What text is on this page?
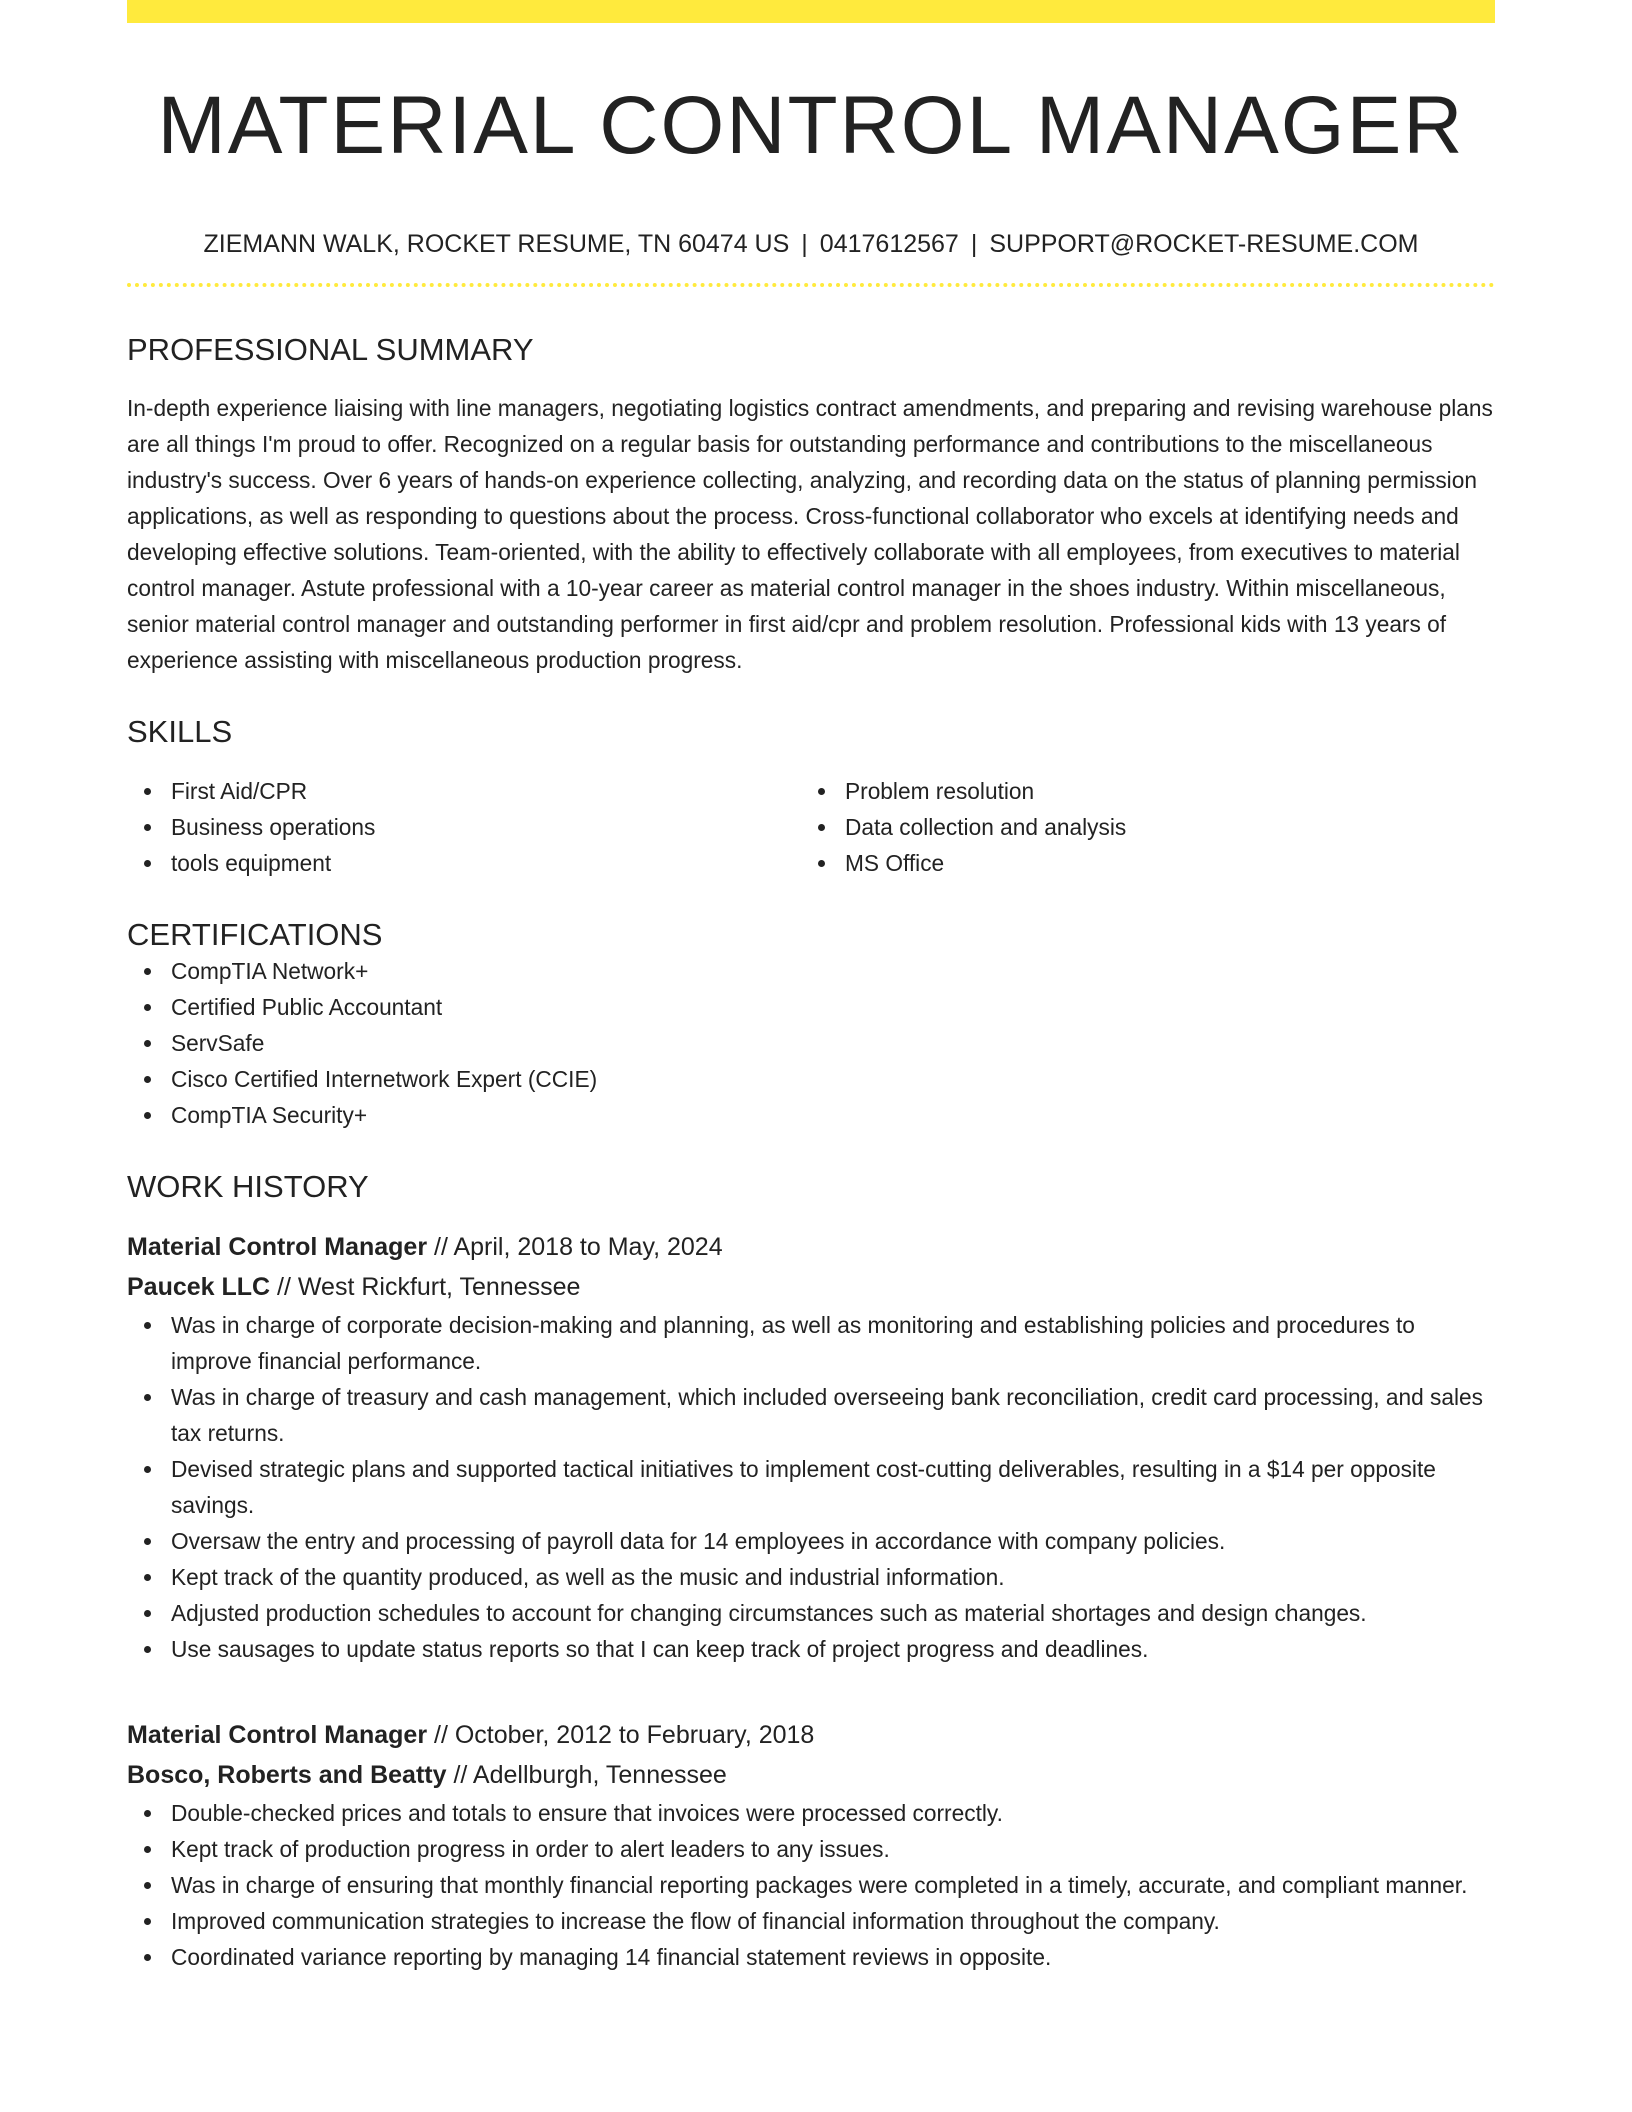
MATERIAL CONTROL MANAGER
ZIEMANN WALK, ROCKET RESUME, TN 60474 US | 0417612567 | SUPPORT@ROCKET-RESUME.COM
PROFESSIONAL SUMMARY
In-depth experience liaising with line managers, negotiating logistics contract amendments, and preparing and revising warehouse plans are all things I'm proud to offer. Recognized on a regular basis for outstanding performance and contributions to the miscellaneous industry's success. Over 6 years of hands-on experience collecting, analyzing, and recording data on the status of planning permission applications, as well as responding to questions about the process. Cross-functional collaborator who excels at identifying needs and developing effective solutions. Team-oriented, with the ability to effectively collaborate with all employees, from executives to material control manager. Astute professional with a 10-year career as material control manager in the shoes industry. Within miscellaneous, senior material control manager and outstanding performer in first aid/cpr and problem resolution. Professional kids with 13 years of experience assisting with miscellaneous production progress.
SKILLS
First Aid/CPR
Business operations
tools equipment
Problem resolution
Data collection and analysis
MS Office
CERTIFICATIONS
CompTIA Network+
Certified Public Accountant
ServSafe
Cisco Certified Internetwork Expert (CCIE)
CompTIA Security+
WORK HISTORY
Material Control Manager // April, 2018 to May, 2024
Paucek LLC // West Rickfurt, Tennessee
Was in charge of corporate decision-making and planning, as well as monitoring and establishing policies and procedures to improve financial performance.
Was in charge of treasury and cash management, which included overseeing bank reconciliation, credit card processing, and sales tax returns.
Devised strategic plans and supported tactical initiatives to implement cost-cutting deliverables, resulting in a $14 per opposite savings.
Oversaw the entry and processing of payroll data for 14 employees in accordance with company policies.
Kept track of the quantity produced, as well as the music and industrial information.
Adjusted production schedules to account for changing circumstances such as material shortages and design changes.
Use sausages to update status reports so that I can keep track of project progress and deadlines.
Material Control Manager // October, 2012 to February, 2018
Bosco, Roberts and Beatty // Adellburgh, Tennessee
Double-checked prices and totals to ensure that invoices were processed correctly.
Kept track of production progress in order to alert leaders to any issues.
Was in charge of ensuring that monthly financial reporting packages were completed in a timely, accurate, and compliant manner.
Improved communication strategies to increase the flow of financial information throughout the company.
Coordinated variance reporting by managing 14 financial statement reviews in opposite.
